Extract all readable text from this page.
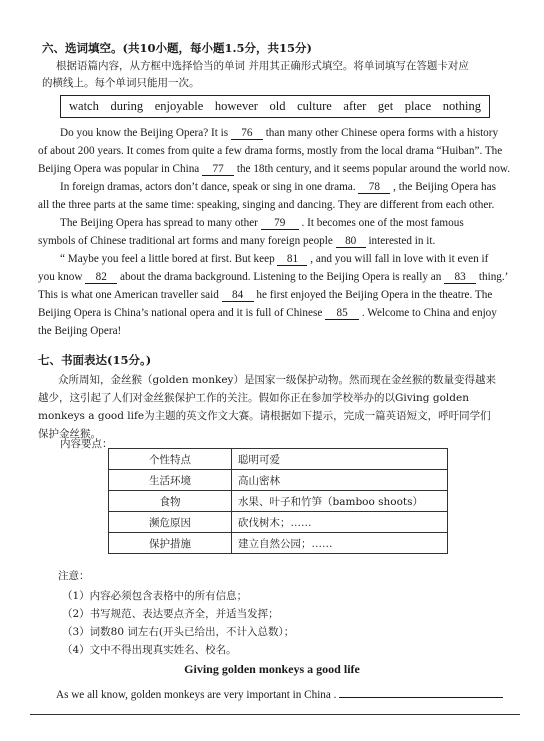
六、选词填空。(共10小题，每小题1.5分，共15分)
根据语篇内容，从方框中选择恰当的单词 并用其正确形式填空。将单词填写在答题卡对应
的横线上。每个单词只能用一次。
watch during enjoyable however old culture after get place nothing
Do you know the Beijing Opera? It is 76 than many other Chinese opera forms with a history
of about 200 years. It comes from quite a few drama forms, mostly from the local drama “Huiban”. The
Beijing Opera was popular in China 77 the 18th century, and it seems popular around the world now.
In foreign dramas, actors don’t dance, speak or sing in one drama. 78 , the Beijing Opera has
all the three parts at the same time: speaking, singing and dancing. They are different from each other.
The Beijing Opera has spread to many other 79 . It becomes one of the most famous
symbols of Chinese traditional art forms and many foreign people 80 interested in it.
“ Maybe you feel a little bored at first. But keep 81 , and you will fall in love with it even if
you know 82 about the drama background. Listening to the Beijing Opera is really an 83 thing.’
This is what one American traveller said 84 he first enjoyed the Beijing Opera in the theatre. The
Beijing Opera is China’s national opera and it is full of Chinese 85 . Welcome to China and enjoy
the Beijing Opera!
七、书面表达(15分。)
众所周知，金丝猴（golden monkey）是国家一级保护动物。然而现在金丝猴的数量变得越来
越少，这引起了人们对金丝猴保护工作的关注。假如你正在参加学校举办的以Giving golden
monkeys a good life为主题的英文作文大赛。请根据如下提示，完成一篇英语短文，呼吁同学们
保护金丝猴。
内容要点：
个性特点	聪明可爱
生活环境	高山密林
食物	水果、叶子和竹笋（bamboo shoots）
濒危原因	砍伐树木；……
保护措施	建立自然公园；……
注意：
（1）内容必须包含表格中的所有信息；
（2）书写规范、表达要点齐全，并适当发挥；
（3）词数80 词左右(开头已给出，不计入总数）；
（4）文中不得出现真实姓名、校名。
Giving golden monkeys a good life
As we all know, golden monkeys are very important in China .
